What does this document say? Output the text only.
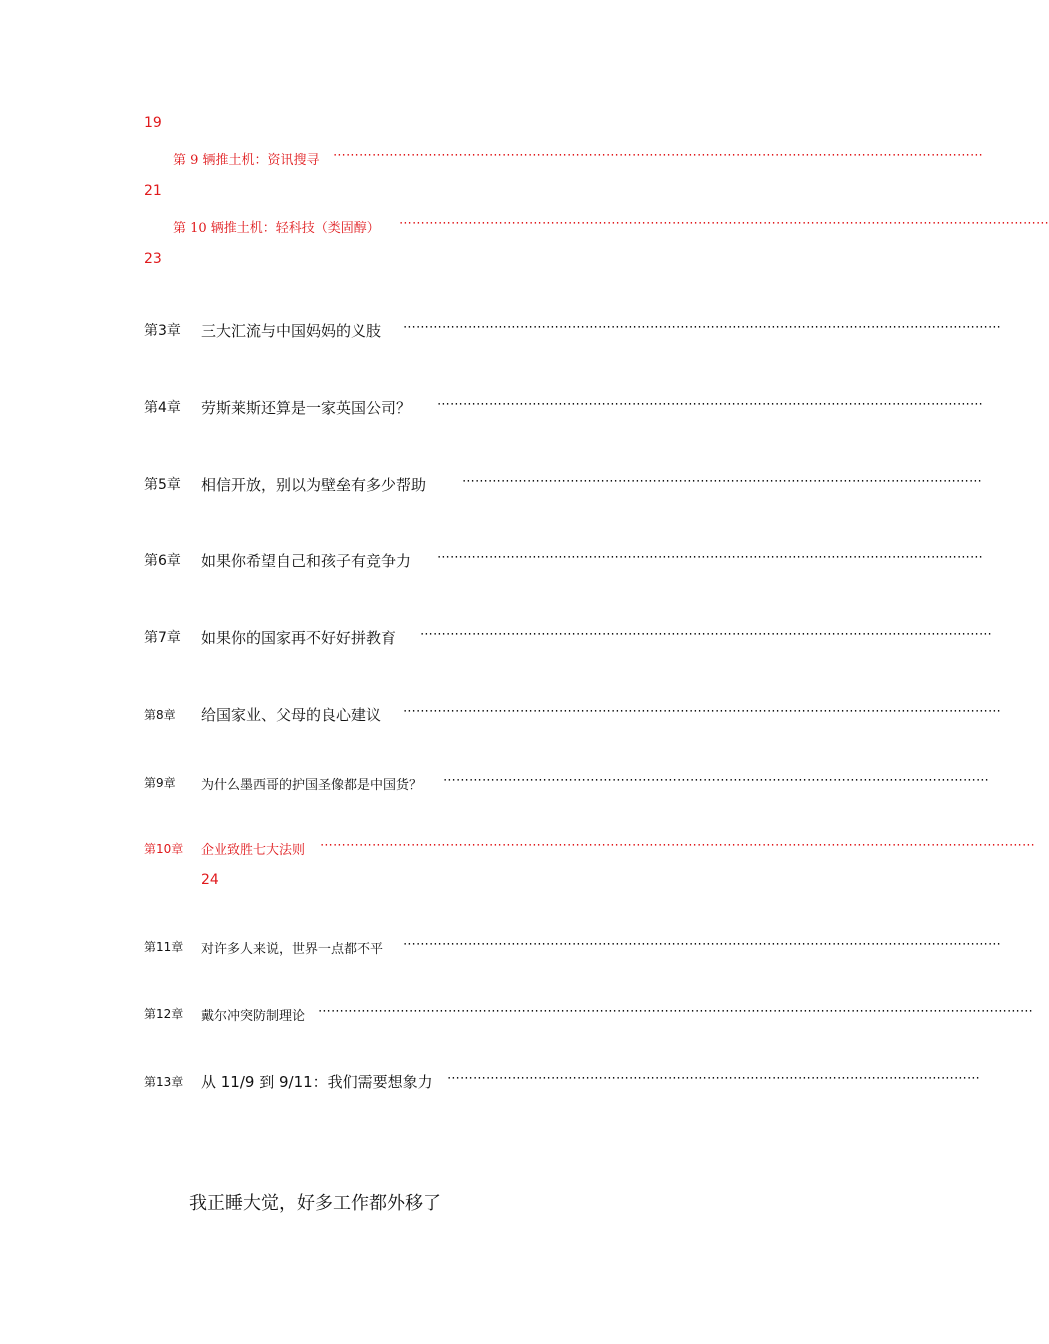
19
第 9 辆推土机：资讯搜寻 ⋯⋯⋯⋯⋯⋯⋯⋯⋯⋯⋯⋯⋯⋯⋯⋯⋯⋯⋯⋯⋯⋯⋯⋯⋯⋯⋯⋯⋯⋯⋯⋯⋯⋯⋯⋯⋯⋯⋯⋯⋯⋯⋯⋯⋯⋯⋯⋯⋯⋯
21
第 10 辆推土机：轻科技（类固醇） ⋯⋯⋯⋯⋯⋯⋯⋯⋯⋯⋯⋯⋯⋯⋯⋯⋯⋯⋯⋯⋯⋯⋯⋯⋯⋯⋯⋯⋯⋯⋯⋯⋯⋯⋯⋯⋯⋯⋯⋯⋯⋯⋯⋯⋯⋯⋯⋯⋯⋯
23
第3章 三大汇流与中国妈妈的义肢 ⋯⋯⋯⋯⋯⋯⋯⋯⋯⋯⋯⋯⋯⋯⋯⋯⋯⋯⋯⋯⋯⋯⋯⋯⋯⋯⋯⋯⋯⋯⋯⋯⋯⋯⋯⋯⋯⋯⋯⋯⋯⋯⋯⋯⋯⋯
第4章 劳斯莱斯还算是一家英国公司？ ⋯⋯⋯⋯⋯⋯⋯⋯⋯⋯⋯⋯⋯⋯⋯⋯⋯⋯⋯⋯⋯⋯⋯⋯⋯⋯⋯⋯⋯⋯⋯⋯⋯⋯⋯⋯⋯⋯⋯⋯⋯⋯
第5章 相信开放，别以为壁垒有多少帮助	⋯⋯⋯⋯⋯⋯⋯⋯⋯⋯⋯⋯⋯⋯⋯⋯⋯⋯⋯⋯⋯⋯⋯⋯⋯⋯⋯⋯⋯⋯⋯⋯⋯⋯⋯⋯⋯⋯⋯⋯
第6章 如果你希望自己和孩子有竞争力 ⋯⋯⋯⋯⋯⋯⋯⋯⋯⋯⋯⋯⋯⋯⋯⋯⋯⋯⋯⋯⋯⋯⋯⋯⋯⋯⋯⋯⋯⋯⋯⋯⋯⋯⋯⋯⋯⋯⋯⋯⋯⋯
第7章 如果你的国家再不好好拼教育 ⋯⋯⋯⋯⋯⋯⋯⋯⋯⋯⋯⋯⋯⋯⋯⋯⋯⋯⋯⋯⋯⋯⋯⋯⋯⋯⋯⋯⋯⋯⋯⋯⋯⋯⋯⋯⋯⋯⋯⋯⋯⋯⋯⋯
第8章 给国家业、父母的良心建议 ⋯⋯⋯⋯⋯⋯⋯⋯⋯⋯⋯⋯⋯⋯⋯⋯⋯⋯⋯⋯⋯⋯⋯⋯⋯⋯⋯⋯⋯⋯⋯⋯⋯⋯⋯⋯⋯⋯⋯⋯⋯⋯⋯⋯⋯⋯
第9章 为什么墨西哥的护国圣像都是中国货？ ⋯⋯⋯⋯⋯⋯⋯⋯⋯⋯⋯⋯⋯⋯⋯⋯⋯⋯⋯⋯⋯⋯⋯⋯⋯⋯⋯⋯⋯⋯⋯⋯⋯⋯⋯⋯⋯⋯⋯⋯⋯⋯
第10章 企业致胜七大法则 ⋯⋯⋯⋯⋯⋯⋯⋯⋯⋯⋯⋯⋯⋯⋯⋯⋯⋯⋯⋯⋯⋯⋯⋯⋯⋯⋯⋯⋯⋯⋯⋯⋯⋯⋯⋯⋯⋯⋯⋯⋯⋯⋯⋯⋯⋯⋯⋯⋯⋯⋯⋯⋯⋯⋯
24
第11章 对许多人来说，世界一点都不平 ⋯⋯⋯⋯⋯⋯⋯⋯⋯⋯⋯⋯⋯⋯⋯⋯⋯⋯⋯⋯⋯⋯⋯⋯⋯⋯⋯⋯⋯⋯⋯⋯⋯⋯⋯⋯⋯⋯⋯⋯⋯⋯⋯⋯⋯⋯
第12章 戴尔冲突防制理论 ⋯⋯⋯⋯⋯⋯⋯⋯⋯⋯⋯⋯⋯⋯⋯⋯⋯⋯⋯⋯⋯⋯⋯⋯⋯⋯⋯⋯⋯⋯⋯⋯⋯⋯⋯⋯⋯⋯⋯⋯⋯⋯⋯⋯⋯⋯⋯⋯⋯⋯⋯⋯⋯⋯⋯
第13章 从 11/9 到 9/11：我们需要想象力 ⋯⋯⋯⋯⋯⋯⋯⋯⋯⋯⋯⋯⋯⋯⋯⋯⋯⋯⋯⋯⋯⋯⋯⋯⋯⋯⋯⋯⋯⋯⋯⋯⋯⋯⋯⋯⋯⋯⋯⋯⋯
我正睡大觉，好多工作都外移了
